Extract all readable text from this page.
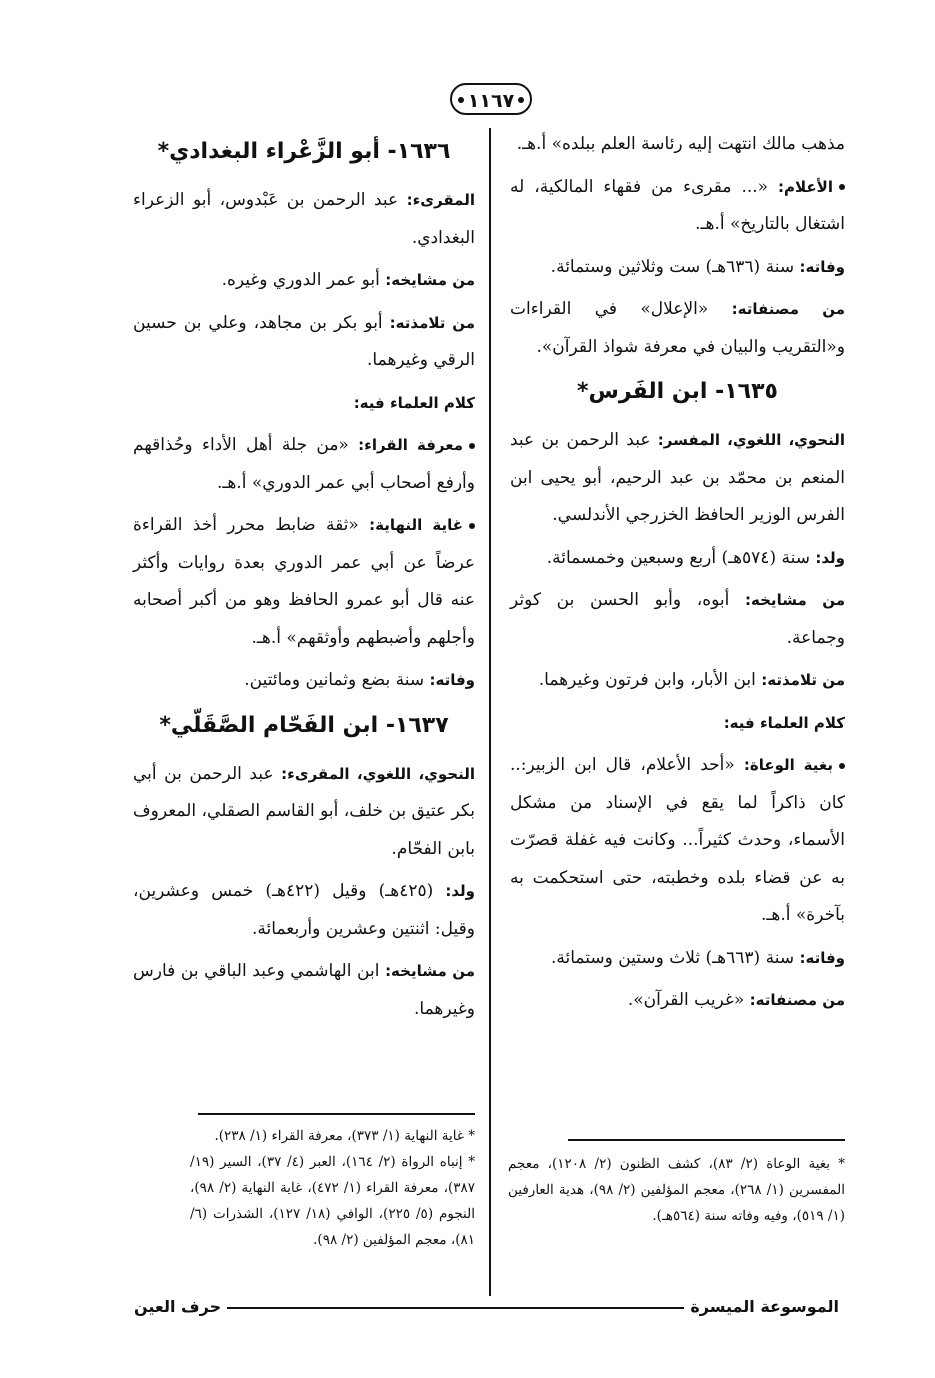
١١٦٧

مذهب مالك انتهت إليه رئاسة العلم ببلده» أ.هـ.

الأعلام: «... مقرىء من فقهاء المالكية، له اشتغال بالتاريخ» أ.هـ.

وفاته: سنة (٦٣٦هـ) ست وثلاثين وستمائة.

من مصنفاته: «الإعلال» في القراءات و«التقريب والبيان في معرفة شواذ القرآن».

١٦٣٥- ابن الفَرس*

النحوي، اللغوي، المفسر: عبد الرحمن بن عبد المنعم بن محمّد بن عبد الرحيم، أبو يحيى ابن الفرس الوزير الحافظ الخزرجي الأندلسي.

ولد: سنة (٥٧٤هـ) أربع وسبعين وخمسمائة.

من مشايخه: أبوه، وأبو الحسن بن كوثر وجماعة.

من تلامذته: ابن الأبار، وابن فرتون وغيرهما.

كلام العلماء فيه:

بغية الوعاة: «أحد الأعلام، قال ابن الزبير:.. كان ذاكراً لما يقع في الإسناد من مشكل الأسماء، وحدث كثيراً... وكانت فيه غفلة قصرّت به عن قضاء بلده وخطبته، حتى استحكمت به بآخرة» أ.هـ.

وفاته: سنة (٦٦٣هـ) ثلاث وستين وستمائة.

من مصنفاته: «غريب القرآن».

١٦٣٦- أبو الزَّعْراء البغدادي*

المقرىء: عبد الرحمن بن عَبْدوس، أبو الزعراء البغدادي.

من مشايخه: أبو عمر الدوري وغيره.

من تلامذته: أبو بكر بن مجاهد، وعلي بن حسين الرقي وغيرهما.

كلام العلماء فيه:

معرفة القراء: «من جلة أهل الأداء وحُذاقهم وأرفع أصحاب أبي عمر الدوري» أ.هـ.

غاية النهاية: «ثقة ضابط محرر أخذ القراءة عرضاً عن أبي عمر الدوري بعدة روايات وأكثر عنه قال أبو عمرو الحافظ وهو من أكبر أصحابه وأجلهم وأضبطهم وأوثقهم» أ.هـ.

وفاته: سنة بضع وثمانين ومائتين.

١٦٣٧- ابن الفَحّام الصَّقَلّي*

النحوي، اللغوي، المقرىء: عبد الرحمن بن أبي بكر عتيق بن خلف، أبو القاسم الصقلي، المعروف بابن الفحّام.

ولد: (٤٢٥هـ) وقيل (٤٢٢هـ) خمس وعشرين، وقيل: اثنتين وعشرين وأربعمائة.

من مشايخه: ابن الهاشمي وعبد الباقي بن فارس وغيرهما.

* غاية النهاية (١/ ٣٧٣)، معرفة القراء (١/ ٢٣٨).

* إنباه الرواة (٢/ ١٦٤)، العبر (٤/ ٣٧)، السير (١٩/ ٣٨٧)، معرفة القراء (١/ ٤٧٢)، غاية النهاية (٢/ ٩٨)، النجوم (٥/ ٢٢٥)، الوافي (١٨/ ١٢٧)، الشذرات (٦/ ٨١)، معجم المؤلفين (٢/ ٩٨).

* بغية الوعاة (٢/ ٨٣)، كشف الظنون (٢/ ١٢٠٨)، معجم المفسرين (١/ ٢٦٨)، معجم المؤلفين (٢/ ٩٨)، هدية العارفين (١/ ٥١٩)، وفيه وفاته سنة (٥٦٤هـ).

الموسوعة الميسرة
حرف العين
